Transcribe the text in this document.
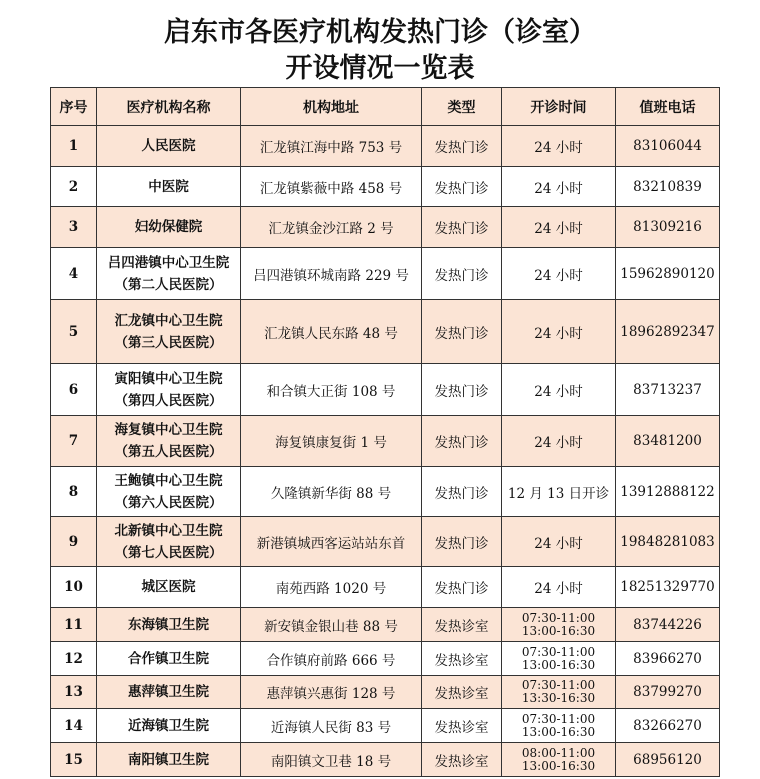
启东市各医疗机构发热门诊（诊室）
开设情况一览表
序号	医疗机构名称	机构地址	类型	开诊时间	值班电话
1	人民医院	汇龙镇江海中路 753 号	发热门诊	24 小时	83106044
2	中医院	汇龙镇紫薇中路 458 号	发热门诊	24 小时	83210839
3	妇幼保健院	汇龙镇金沙江路 2 号	发热门诊	24 小时	81309216
4	吕四港镇中心卫生院
（第二人民医院）	吕四港镇环城南路 229 号	发热门诊	24 小时	15962890120
5	汇龙镇中心卫生院
（第三人民医院）	汇龙镇人民东路 48 号	发热门诊	24 小时	18962892347
6	寅阳镇中心卫生院
（第四人民医院）	和合镇大正街 108 号	发热门诊	24 小时	83713237
7	海复镇中心卫生院
（第五人民医院）	海复镇康复街 1 号	发热门诊	24 小时	83481200
8	王鲍镇中心卫生院
（第六人民医院）	久隆镇新华街 88 号	发热门诊	12 月 13 日开诊	13912888122
9	北新镇中心卫生院
（第七人民医院）	新港镇城西客运站站东首	发热门诊	24 小时	19848281083
10	城区医院	南苑西路 1020 号	发热门诊	24 小时	18251329770
11	东海镇卫生院	新安镇金银山巷 88 号	发热诊室	07:30-11:00
13:00-16:30	83744226
12	合作镇卫生院	合作镇府前路 666 号	发热诊室	07:30-11:00
13:00-16:30	83966270
13	惠萍镇卫生院	惠萍镇兴惠街 128 号	发热诊室	07:30-11:00
13:30-16:30	83799270
14	近海镇卫生院	近海镇人民街 83 号	发热诊室	07:30-11:00
13:00-16:30	83266270
15	南阳镇卫生院	南阳镇文卫巷 18 号	发热诊室	08:00-11:00
13:00-16:30	68956120
